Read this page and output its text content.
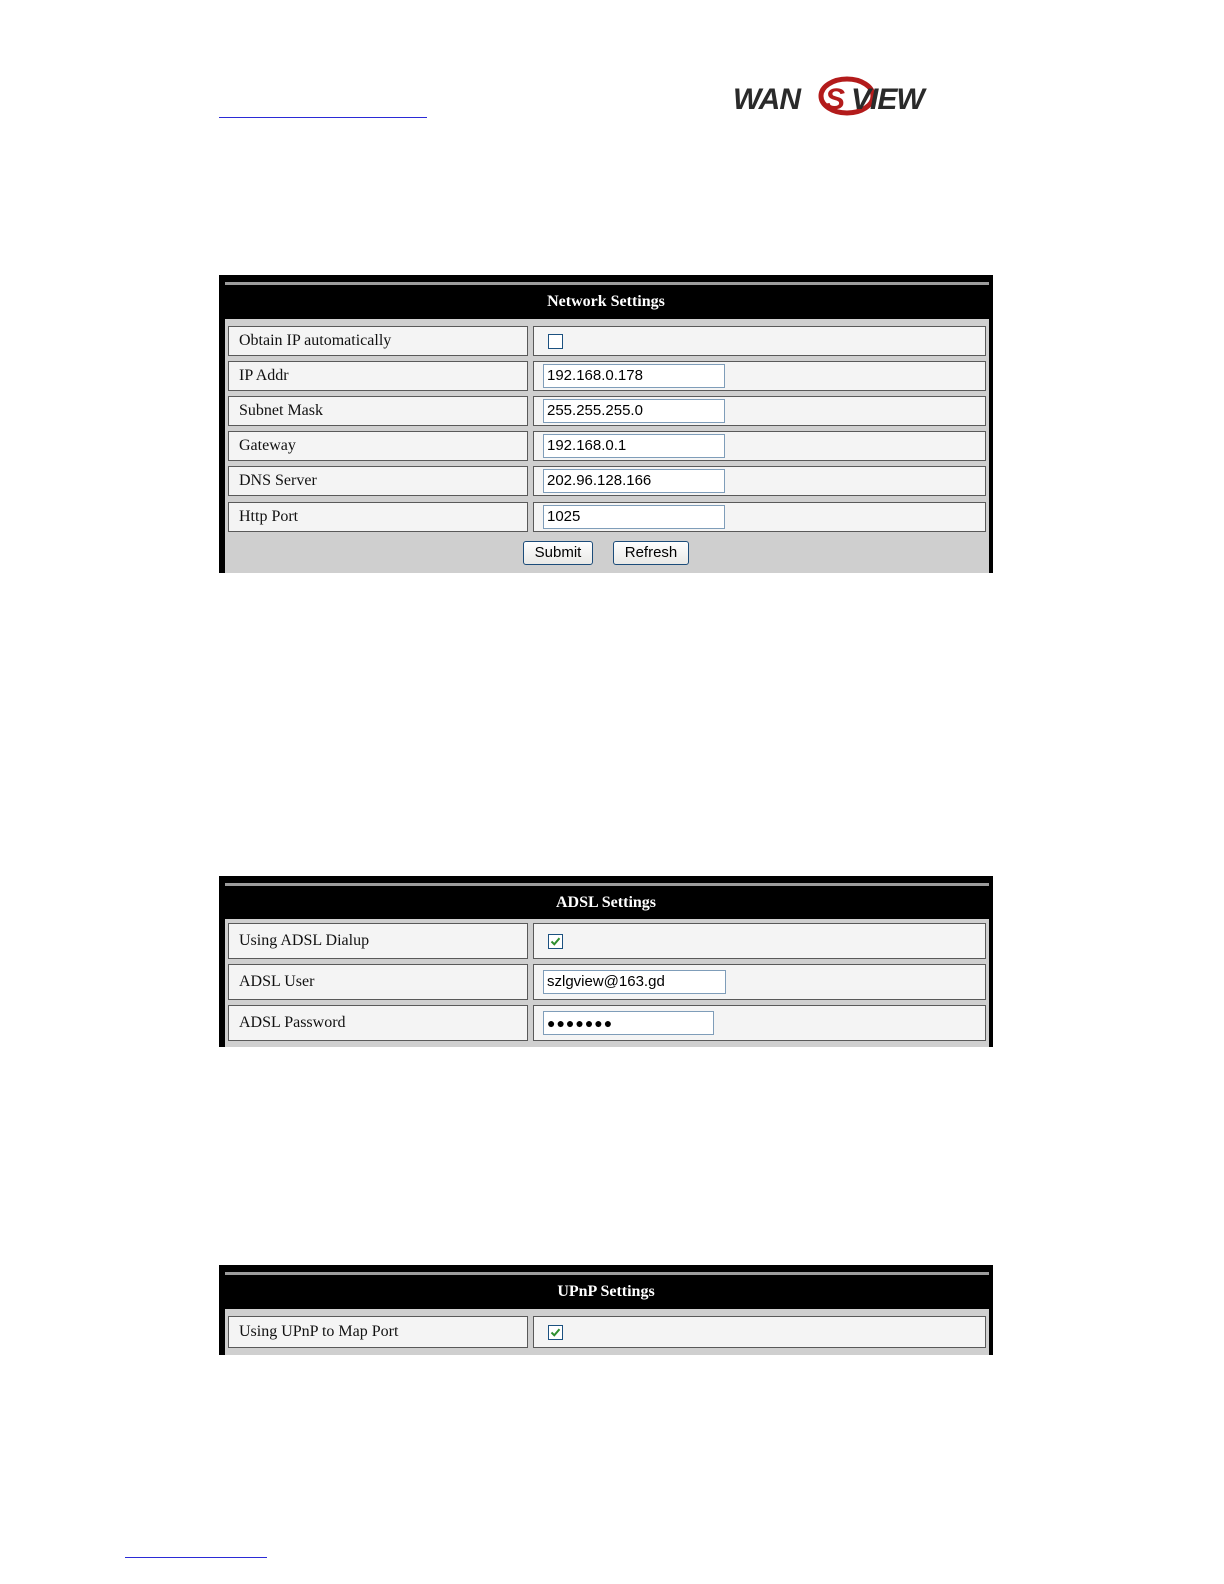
WAN S VIEW
Network Settings
Obtain IP automatically
IP Addr	192.168.0.178
Subnet Mask	255.255.255.0
Gateway	192.168.0.1
DNS Server	202.96.128.166
Http Port	1025
Submit	Refresh
ADSL Settings
Using ADSL Dialup
ADSL User	szlgview@163.gd
ADSL Password	●●●●●●●
UPnP Settings
Using UPnP to Map Port
